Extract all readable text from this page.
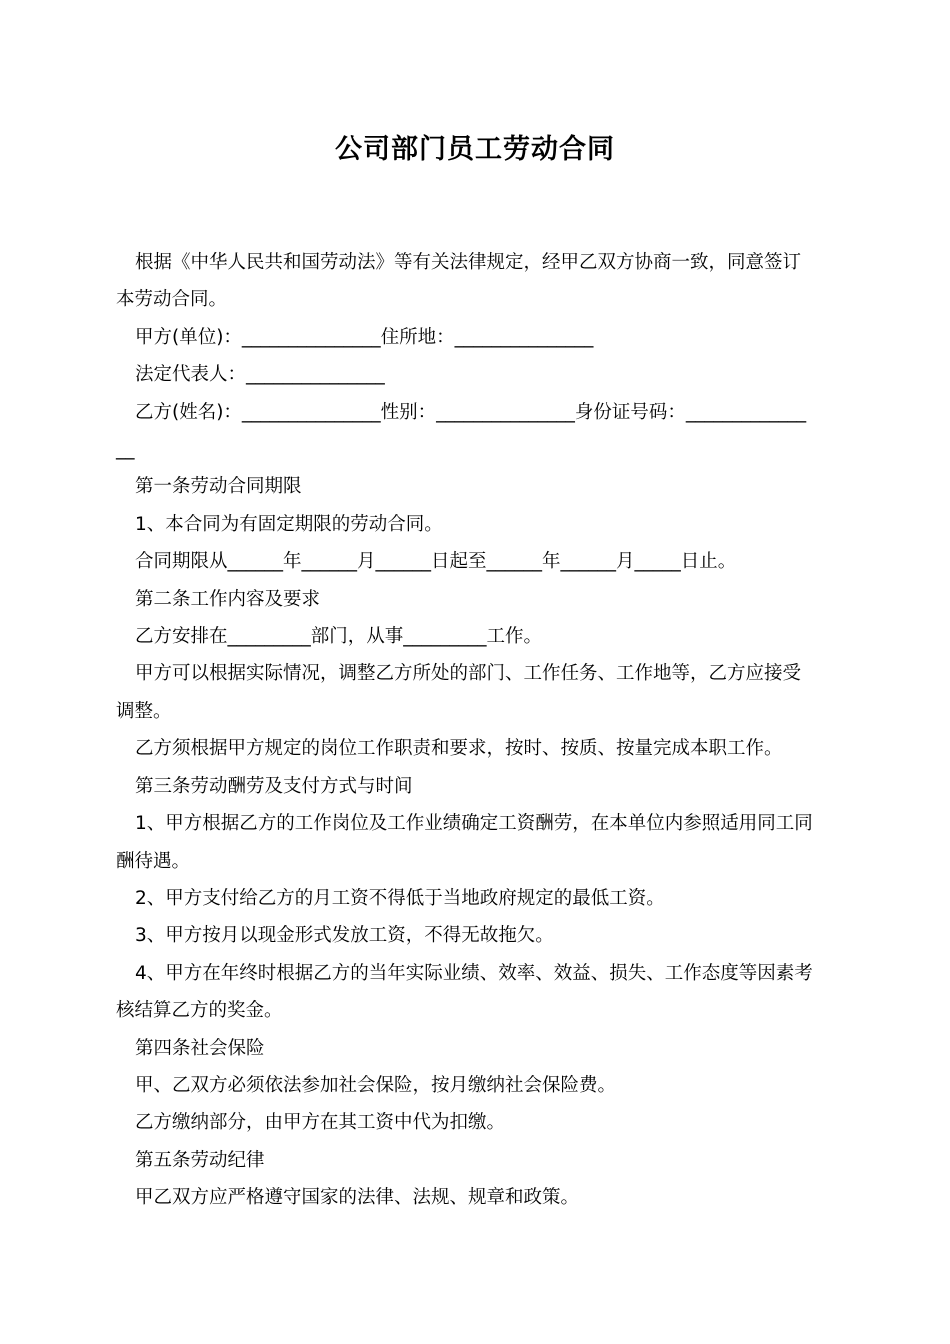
公司部门员工劳动合同

根据《中华人民共和国劳动法》等有关法律规定，经甲乙双方协商一致，同意签订

本劳动合同。

甲方(单位)：_______________住所地：_______________

法定代表人：_______________

乙方(姓名)：_______________性别：_______________身份证号码：_____________

__

第一条劳动合同期限

1、本合同为有固定期限的劳动合同。

合同期限从______年______月______日起至______年______月_____日止。

第二条工作内容及要求

乙方安排在_________部门，从事_________工作。

甲方可以根据实际情况，调整乙方所处的部门、工作任务、工作地等，乙方应接受

调整。

乙方须根据甲方规定的岗位工作职责和要求，按时、按质、按量完成本职工作。

第三条劳动酬劳及支付方式与时间

1、甲方根据乙方的工作岗位及工作业绩确定工资酬劳，在本单位内参照适用同工同

酬待遇。

2、甲方支付给乙方的月工资不得低于当地政府规定的最低工资。

3、甲方按月以现金形式发放工资，不得无故拖欠。

4、甲方在年终时根据乙方的当年实际业绩、效率、效益、损失、工作态度等因素考

核结算乙方的奖金。

第四条社会保险

甲、乙双方必须依法参加社会保险，按月缴纳社会保险费。

乙方缴纳部分，由甲方在其工资中代为扣缴。

第五条劳动纪律

甲乙双方应严格遵守国家的法律、法规、规章和政策。
